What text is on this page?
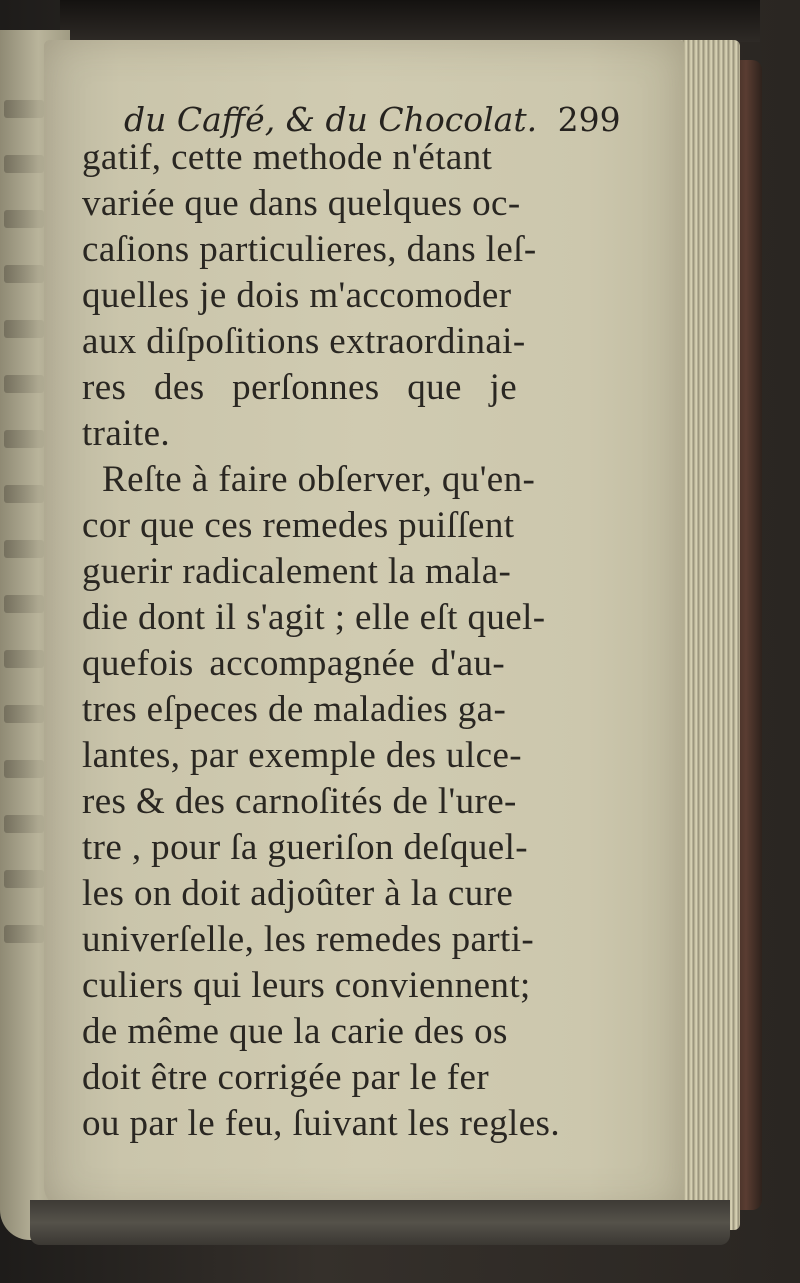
du Caffé, & du Chocolat. 299
gatif, cette methode n'étant
variée que dans quelques oc-
caſions particulieres, dans leſ-
quelles je dois m'accomoder
aux diſpoſitions extraordinai-
res des perſonnes que je
traite.
Reſte à faire obſerver, qu'en-
cor que ces remedes puiſſent
guerir radicalement la mala-
die dont il s'agit ; elle eſt quel-
quefois accompagnée d'au-
tres eſpeces de maladies ga-
lantes, par exemple des ulce-
res & des carnoſités de l'ure-
tre , pour ſa gueriſon deſquel-
les on doit adjoûter à la cure
univerſelle, les remedes parti-
culiers qui leurs conviennent;
de même que la carie des os
doit être corrigée par le fer
ou par le feu, ſuivant les regles.
